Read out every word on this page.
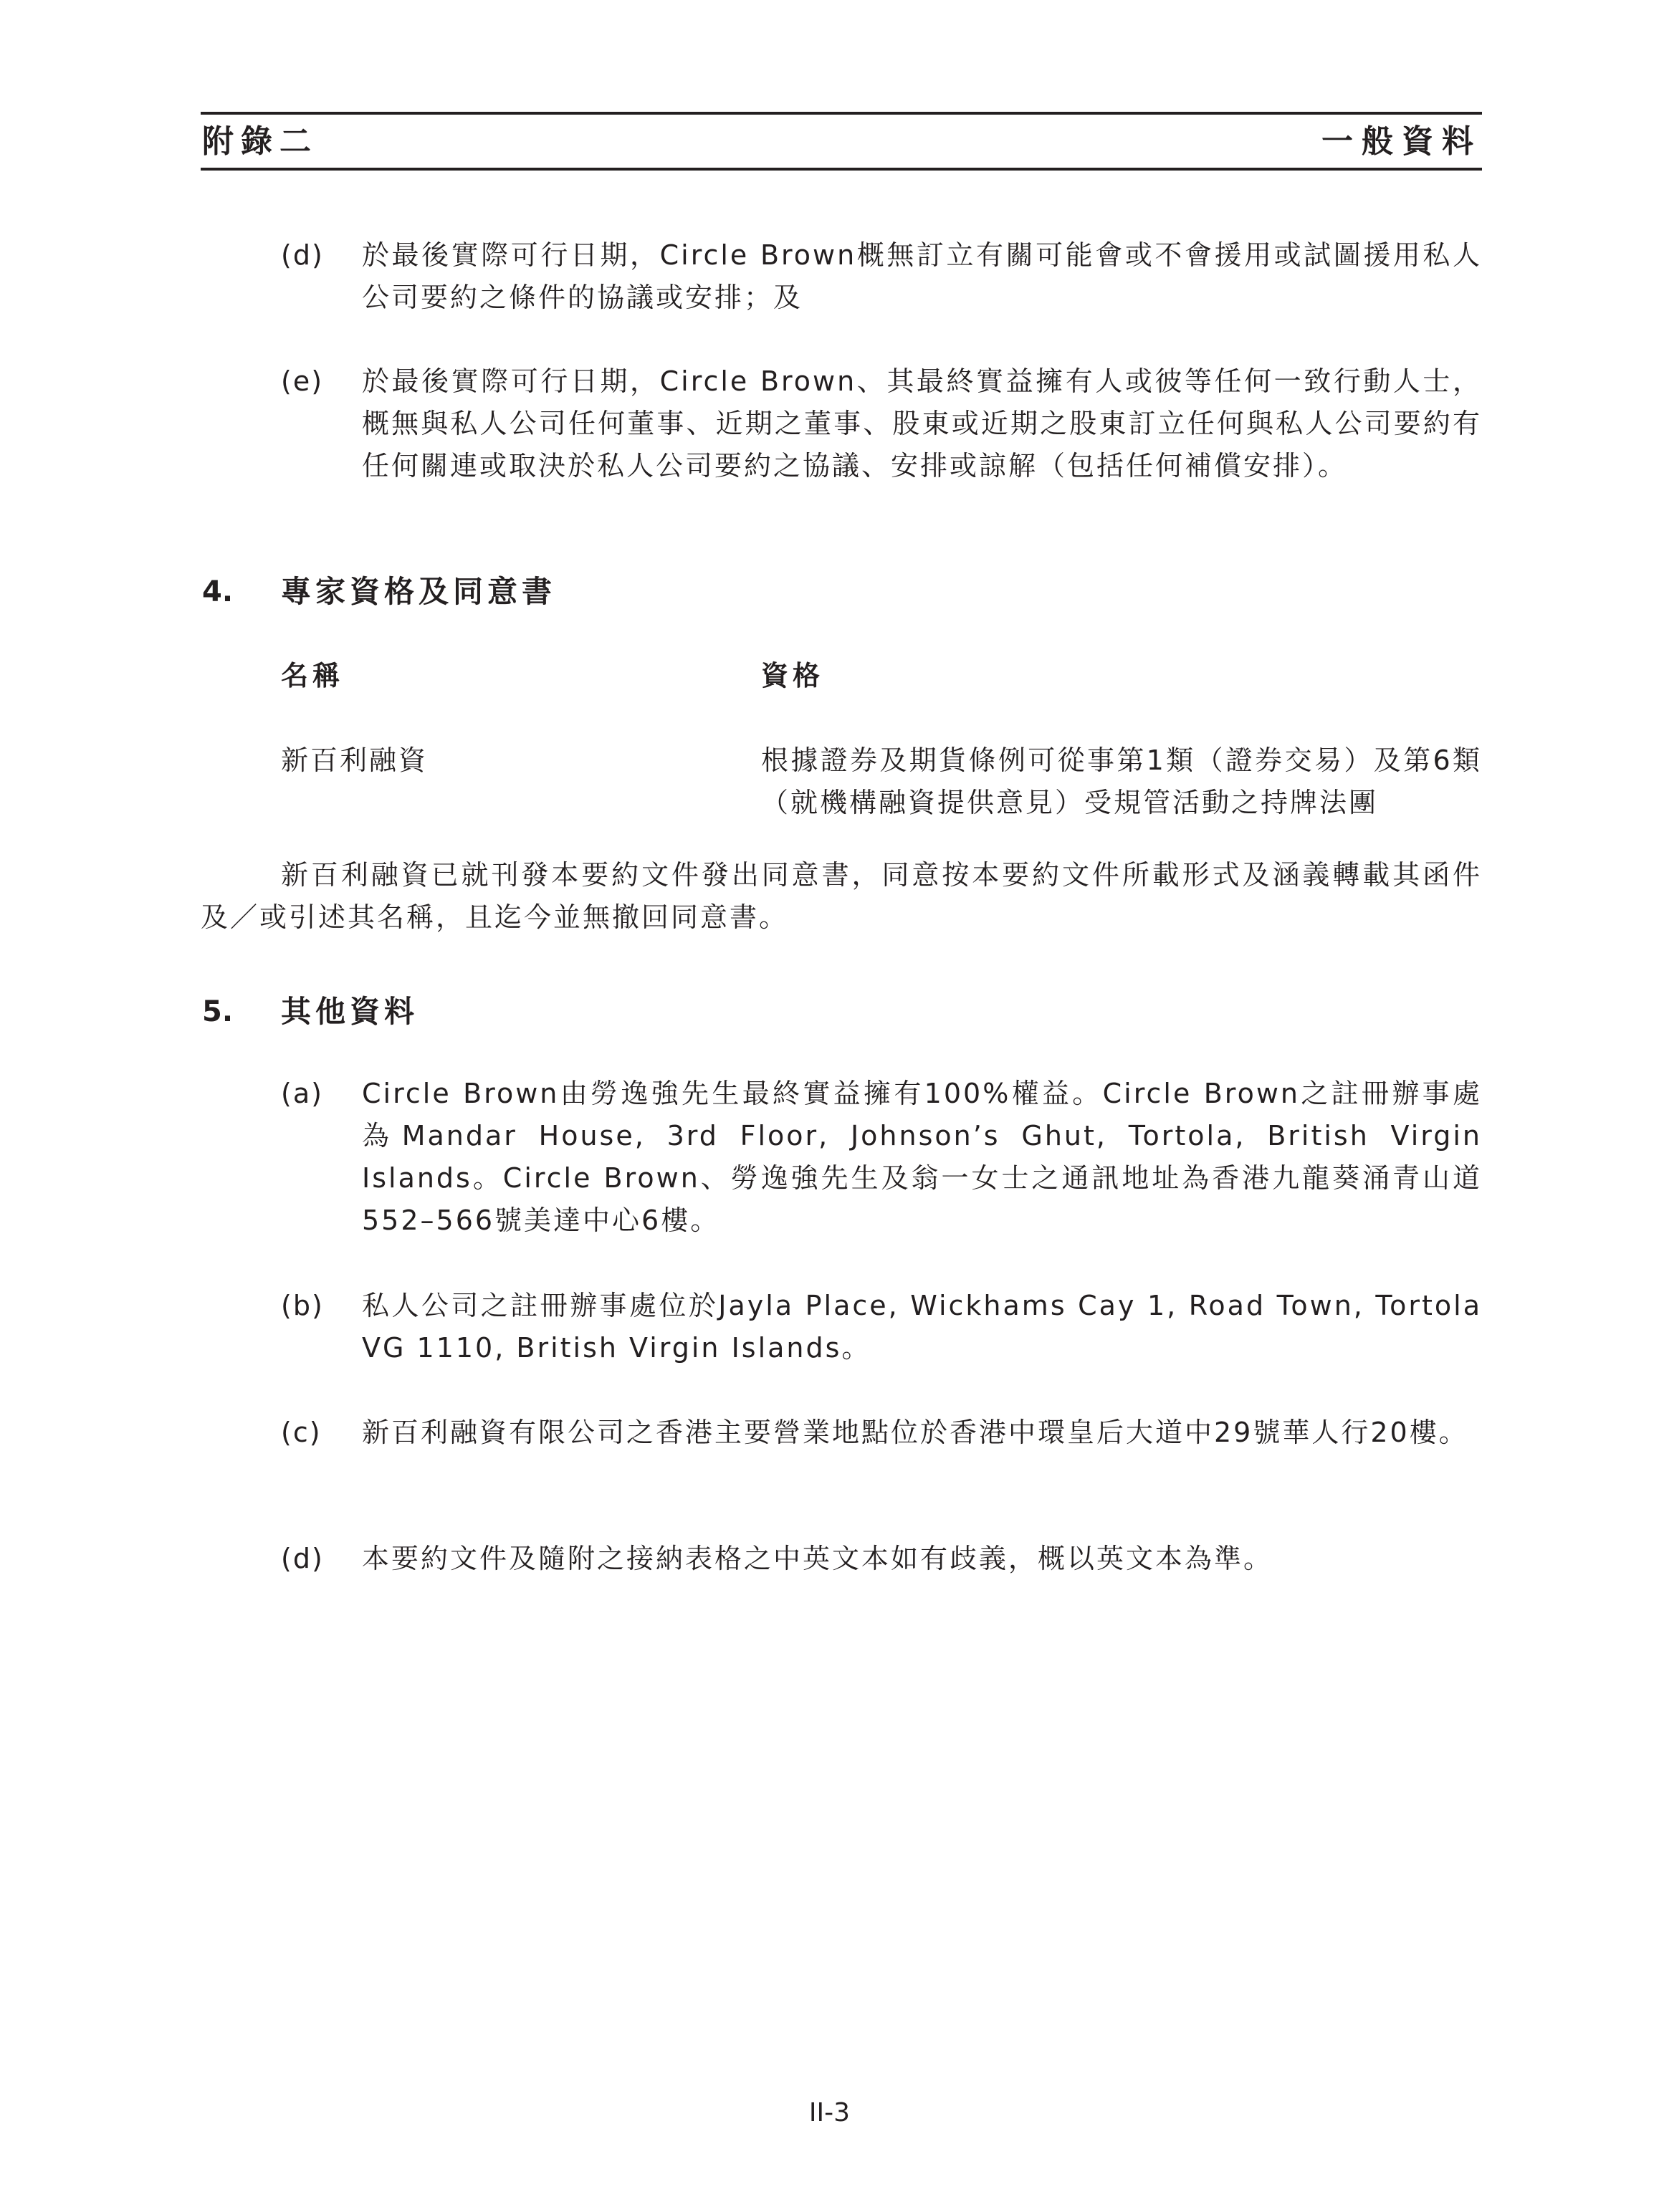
附錄二	一般資料
(d) 於最後實際可行日期，Circle Brown概無訂立有關可能會或不會援用或試圖援用私人公司要約之條件的協議或安排；及
(e) 於最後實際可行日期，Circle Brown、其最終實益擁有人或彼等任何一致行動人士，概無與私人公司任何董事、近期之董事、股東或近期之股東訂立任何與私人公司要約有任何關連或取決於私人公司要約之協議、安排或諒解（包括任何補償安排）。
4. 專家資格及同意書
名稱	資格
新百利融資	根據證券及期貨條例可從事第1類（證券交易）及第6類（就機構融資提供意見）受規管活動之持牌法團
新百利融資已就刊發本要約文件發出同意書，同意按本要約文件所載形式及涵義轉載其函件及／或引述其名稱，且迄今並無撤回同意書。
5. 其他資料
(a) Circle Brown由勞逸強先生最終實益擁有100%權益。Circle Brown之註冊辦事處為Mandar House, 3rd Floor, Johnson’s Ghut, Tortola, British Virgin Islands。Circle Brown、勞逸強先生及翁一女士之通訊地址為香港九龍葵涌青山道552–566號美達中心6樓。
(b) 私人公司之註冊辦事處位於Jayla Place, Wickhams Cay 1, Road Town, Tortola VG 1110, British Virgin Islands。
(c) 新百利融資有限公司之香港主要營業地點位於香港中環皇后大道中29號華人行20樓。
(d) 本要約文件及隨附之接納表格之中英文本如有歧義，概以英文本為準。
II-3
